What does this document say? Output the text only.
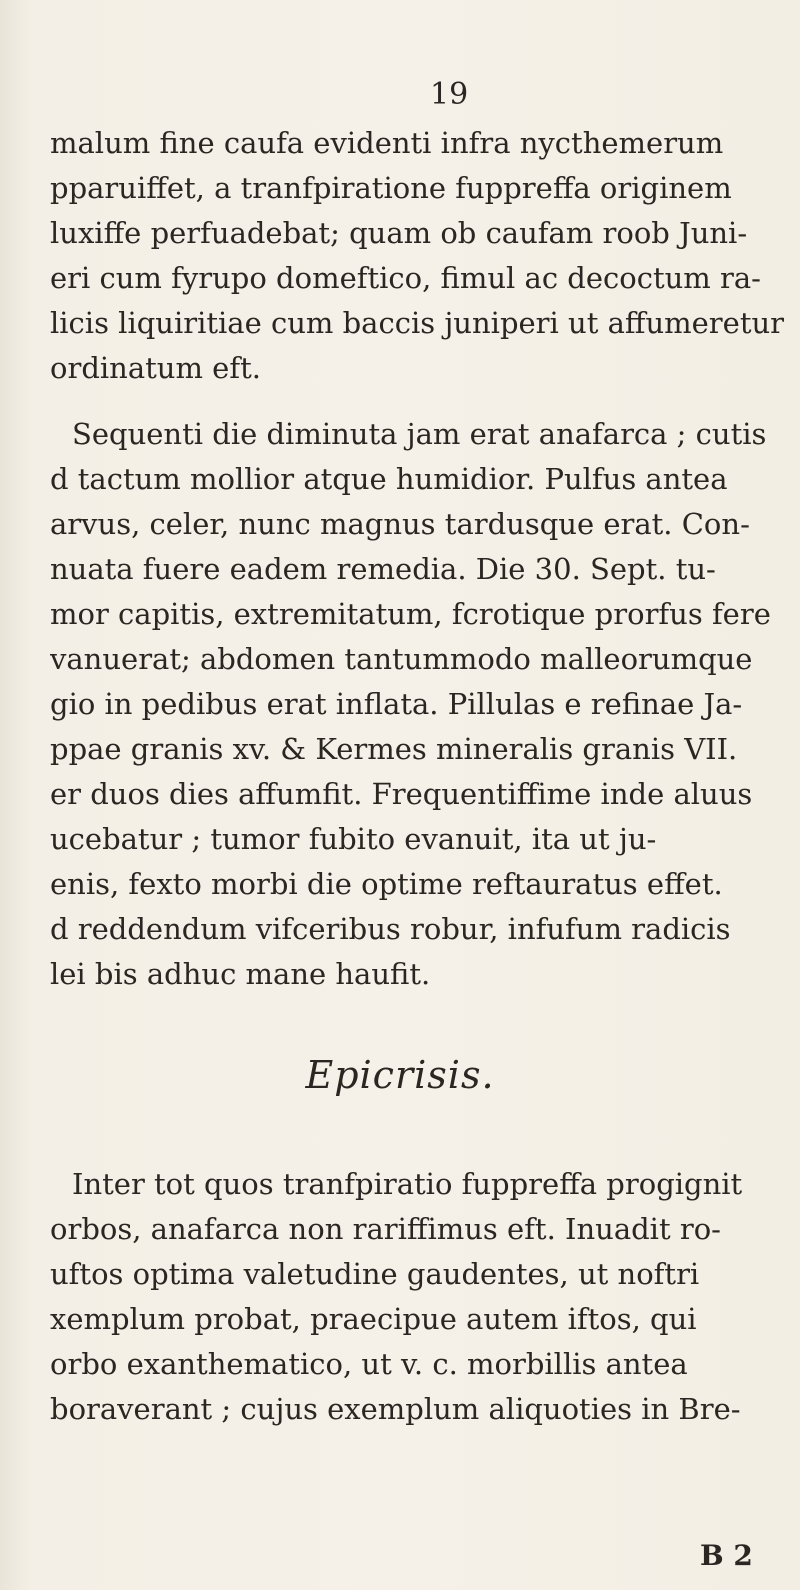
19
malum fine caufa evidenti infra nycthemerum
pparuiffet, a tranfpiratione fuppreffa originem
luxiffe perfuadebat; quam ob caufam roob Juni-
eri cum fyrupo domeftico, fimul ac decoctum ra-
licis liquiritiae cum baccis juniperi ut affumeretur
ordinatum eft.
Sequenti die diminuta jam erat anafarca ; cutis
d tactum mollior atque humidior. Pulfus antea
arvus, celer, nunc magnus tardusque erat. Con-
nuata fuere eadem remedia. Die 30. Sept. tu-
mor capitis, extremitatum, fcrotique prorfus fere
vanuerat; abdomen tantummodo malleorumque
gio in pedibus erat inflata. Pillulas e refinae Ja-
ppae granis xv. & Kermes mineralis granis VII.
er duos dies affumfit. Frequentiffime inde aluus
ucebatur ; tumor fubito evanuit, ita ut ju-
enis, fexto morbi die optime reftauratus effet.
d reddendum vifceribus robur, infufum radicis
lei bis adhuc mane haufit.
Epicrisis.
Inter tot quos tranfpiratio fuppreffa progignit
orbos, anafarca non rariffimus eft. Inuadit ro-
uftos optima valetudine gaudentes, ut noftri
xemplum probat, praecipue autem iftos, qui
orbo exanthematico, ut v. c. morbillis antea
boraverant ; cujus exemplum aliquoties in Bre-
B 2
